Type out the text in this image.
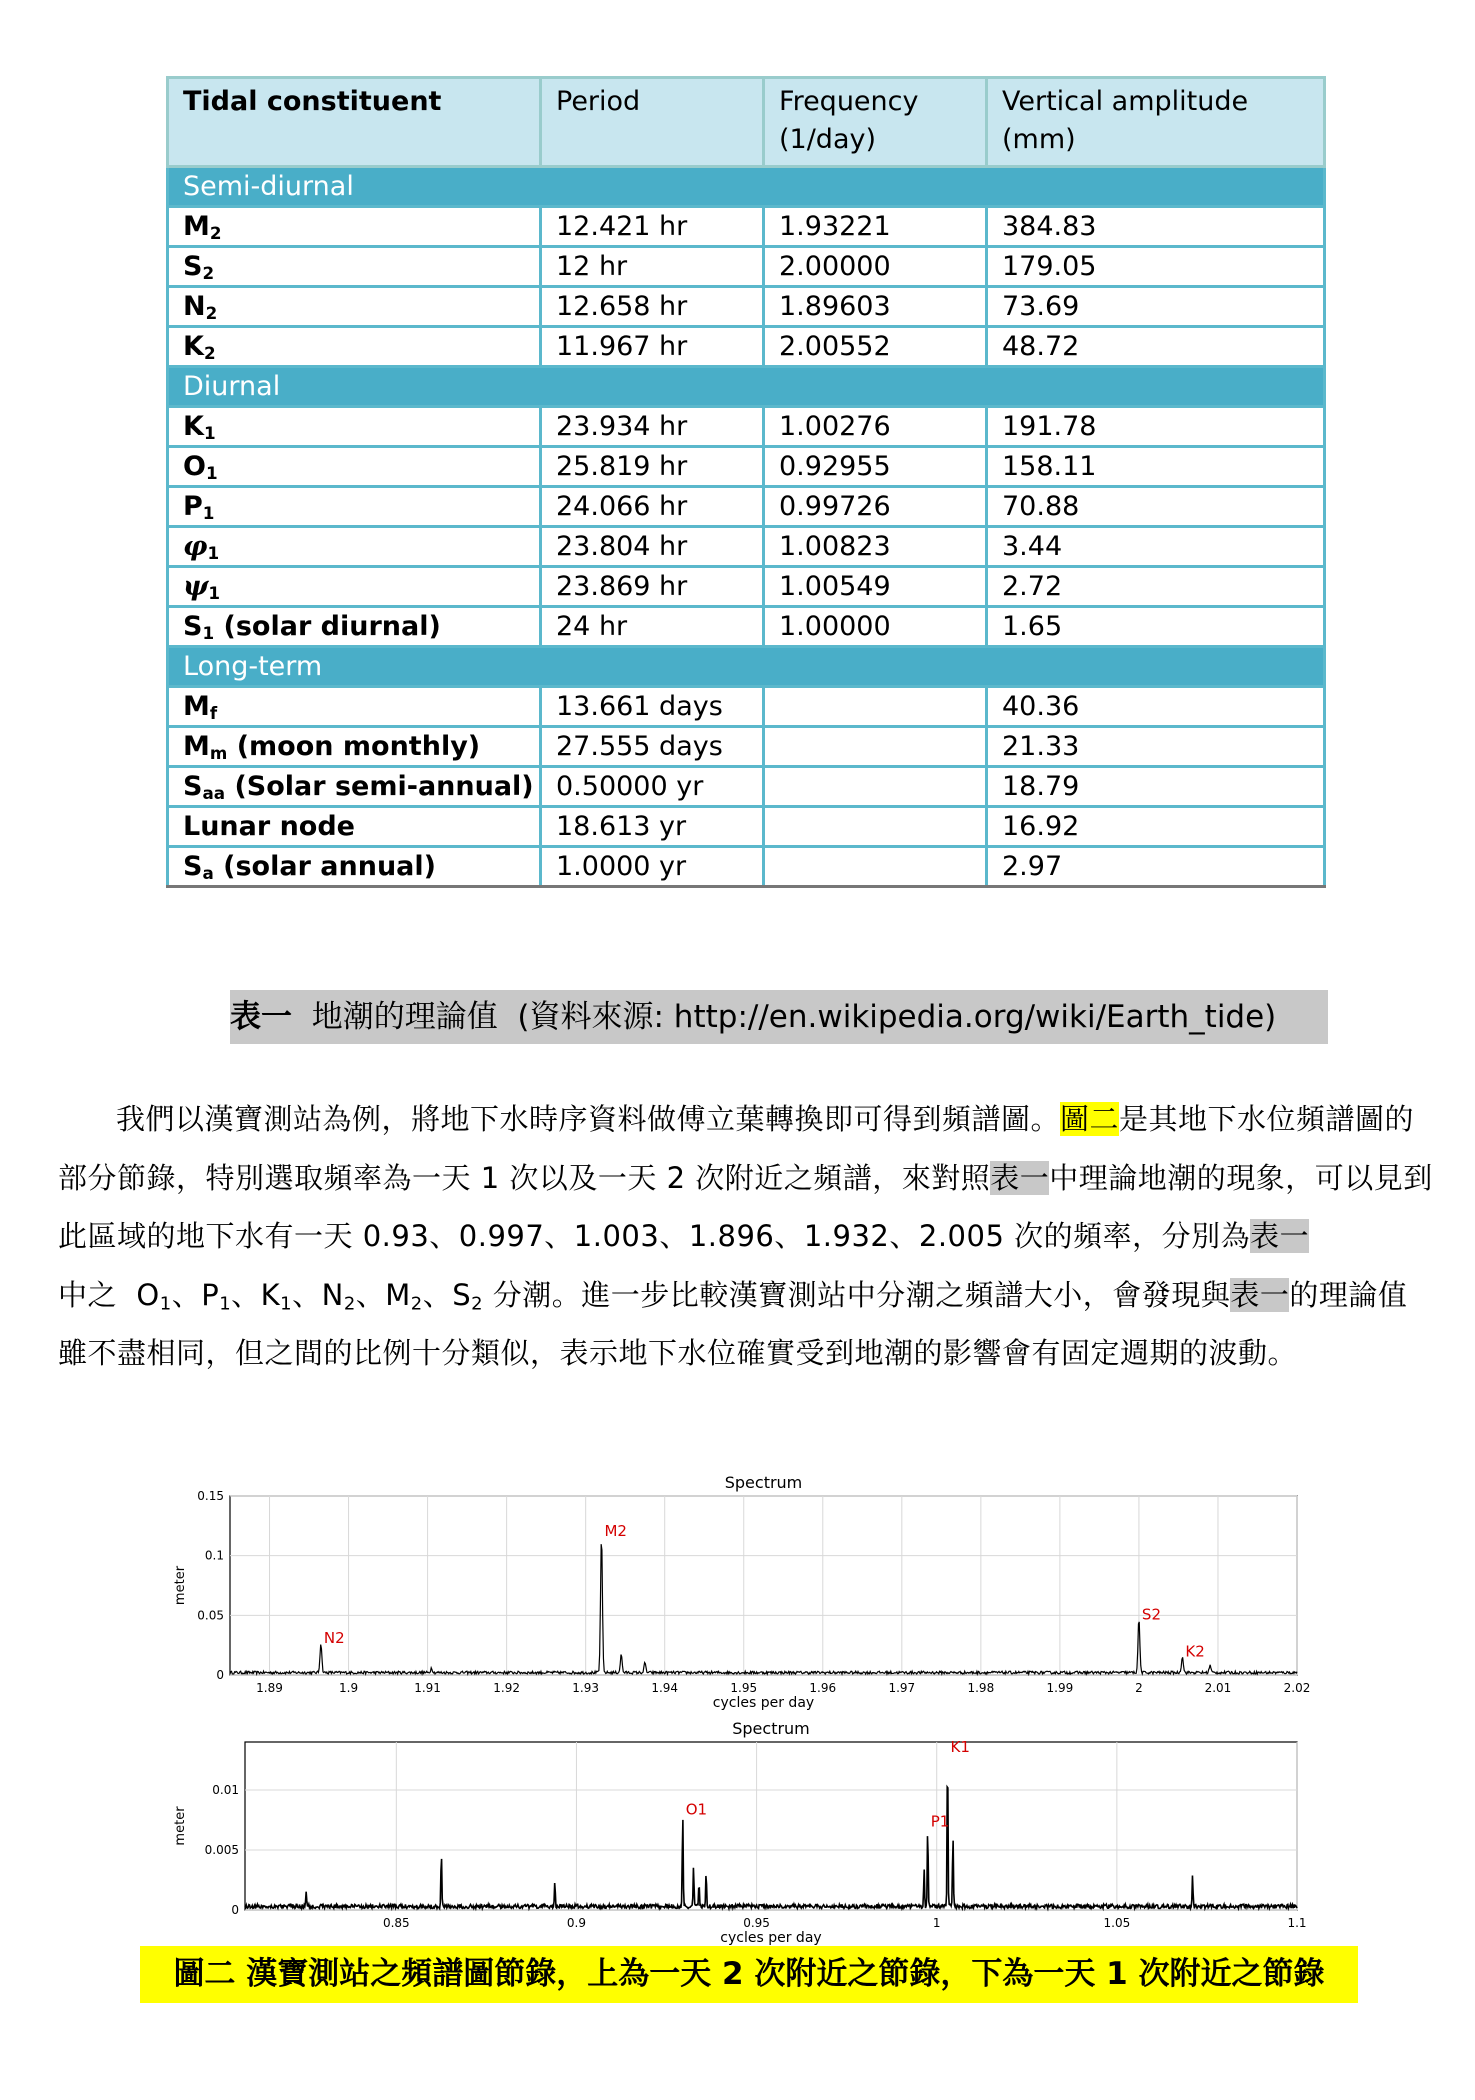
Tidal constituent	Period	Frequency (1/day)	Vertical amplitude (mm)
Semi-diurnal			
$M_2$	12.421 hr	1.93221	384.83
$S_2$	12 hr	2.00000	179.05
$N_2$	12.658 hr	1.89603	73.69
$K_2$	11.967 hr	2.00552	48.72
Diurnal			
$K_1$	23.934 hr	1.00276	191.78
$O_1$	25.819 hr	0.92955	158.11
$P_1$	24.066 hr	0.99726	70.88
$\varphi_1$	23.804 hr	1.00823	3.44
$\psi_1$	23.869 hr	1.00549	2.72
$S_1$ (solar diurnal)	24 hr	1.00000	1.65
Long-term			
$M_f$	13.661 days		40.36
$M_m$ (moon monthly)	27.555 days		21.33
$S_{aa}$ (Solar semi-annual)	0.50000 yr		18.79
Lunar node	18.613 yr		16.92
$S_a$ (solar annual)	1.0000 yr		2.97
表一  地潮的理論值  (資料來源: http://en.wikipedia.org/wiki/Earth_tide)
我們以漢寶測站為例，將地下水時序資料做傅立葉轉換即可得到頻譜圖。圖二是其地下水位頻譜圖的部分節錄，特別選取頻率為一天 1 次以及一天 2 次附近之頻譜，來對照表一中理論地潮的現象，可以見到此區域的地下水有一天 0.93、0.997、1.003、1.896、1.932、2.005 次的頻率，分別為表一中之  $O_1$、$P_1$、$K_1$、$N_2$、$M_2$、$S_2$ 分潮。進一步比較漢寶測站中分潮之頻譜大小，會發現與表一的理論值雖不盡相同，但之間的比例十分類似，表示地下水位確實受到地潮的影響會有固定週期的波動。
Spectrum
1.89	1.9	1.91	1.92	1.93	1.94	1.95	1.96	1.97	1.98	1.99	2	2.01	2.02
0
0.05
0.1
0.15
cycles per day
meter
N2
M2
S2
K2
Spectrum
0.85	0.9	0.95	1	1.05	1.1
0
0.005
0.01
cycles per day
meter	O1
P1
K1
圖二 漢寶測站之頻譜圖節錄，上為一天 2 次附近之節錄，下為一天 1 次附近之節錄
